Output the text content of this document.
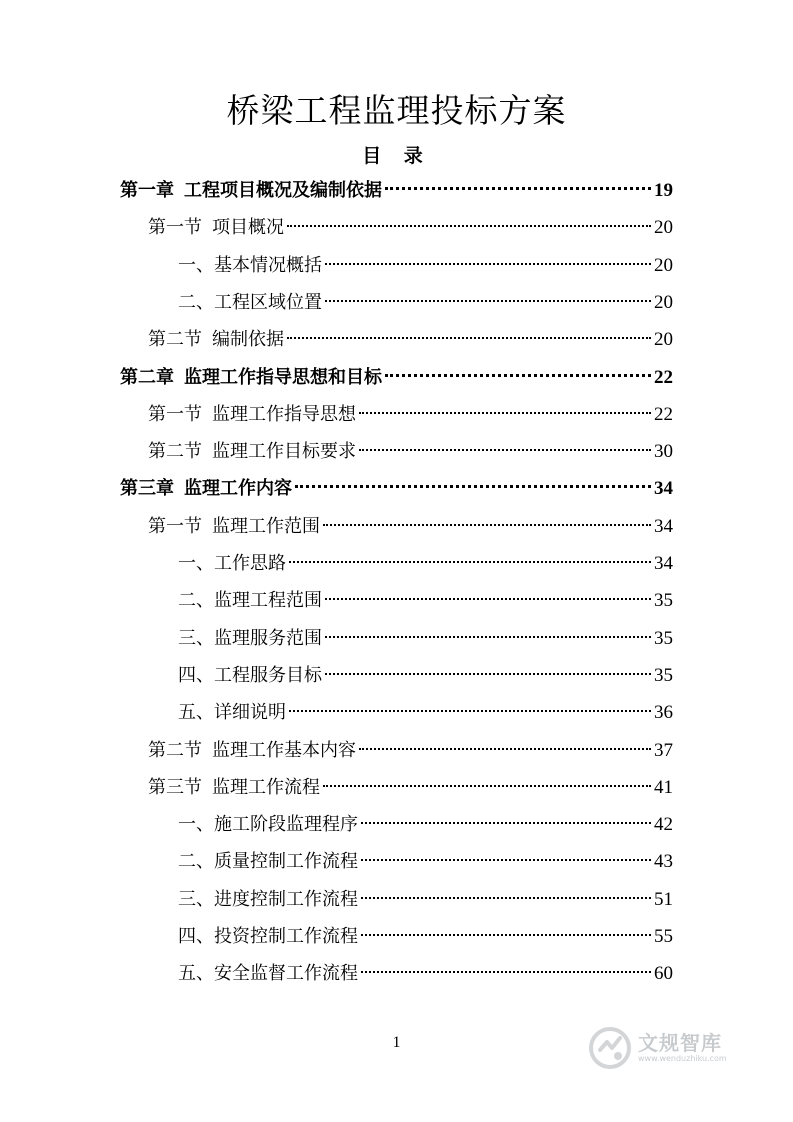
桥梁工程监理投标方案
目 录
第一章 工程项目概况及编制依据	19
第一节 项目概况	20
一、基本情况概括	20
二、工程区域位置	20
第二节 编制依据	20
第二章 监理工作指导思想和目标	22
第一节 监理工作指导思想	22
第二节 监理工作目标要求	30
第三章 监理工作内容	34
第一节 监理工作范围	34
一、工作思路	34
二、监理工程范围	35
三、监理服务范围	35
四、工程服务目标	35
五、详细说明	36
第二节 监理工作基本内容	37
第三节 监理工作流程	41
一、施工阶段监理程序	42
二、质量控制工作流程	43
三、进度控制工作流程	51
四、投资控制工作流程	55
五、安全监督工作流程	60
1	文规智库
www.wenduzhiku.com
